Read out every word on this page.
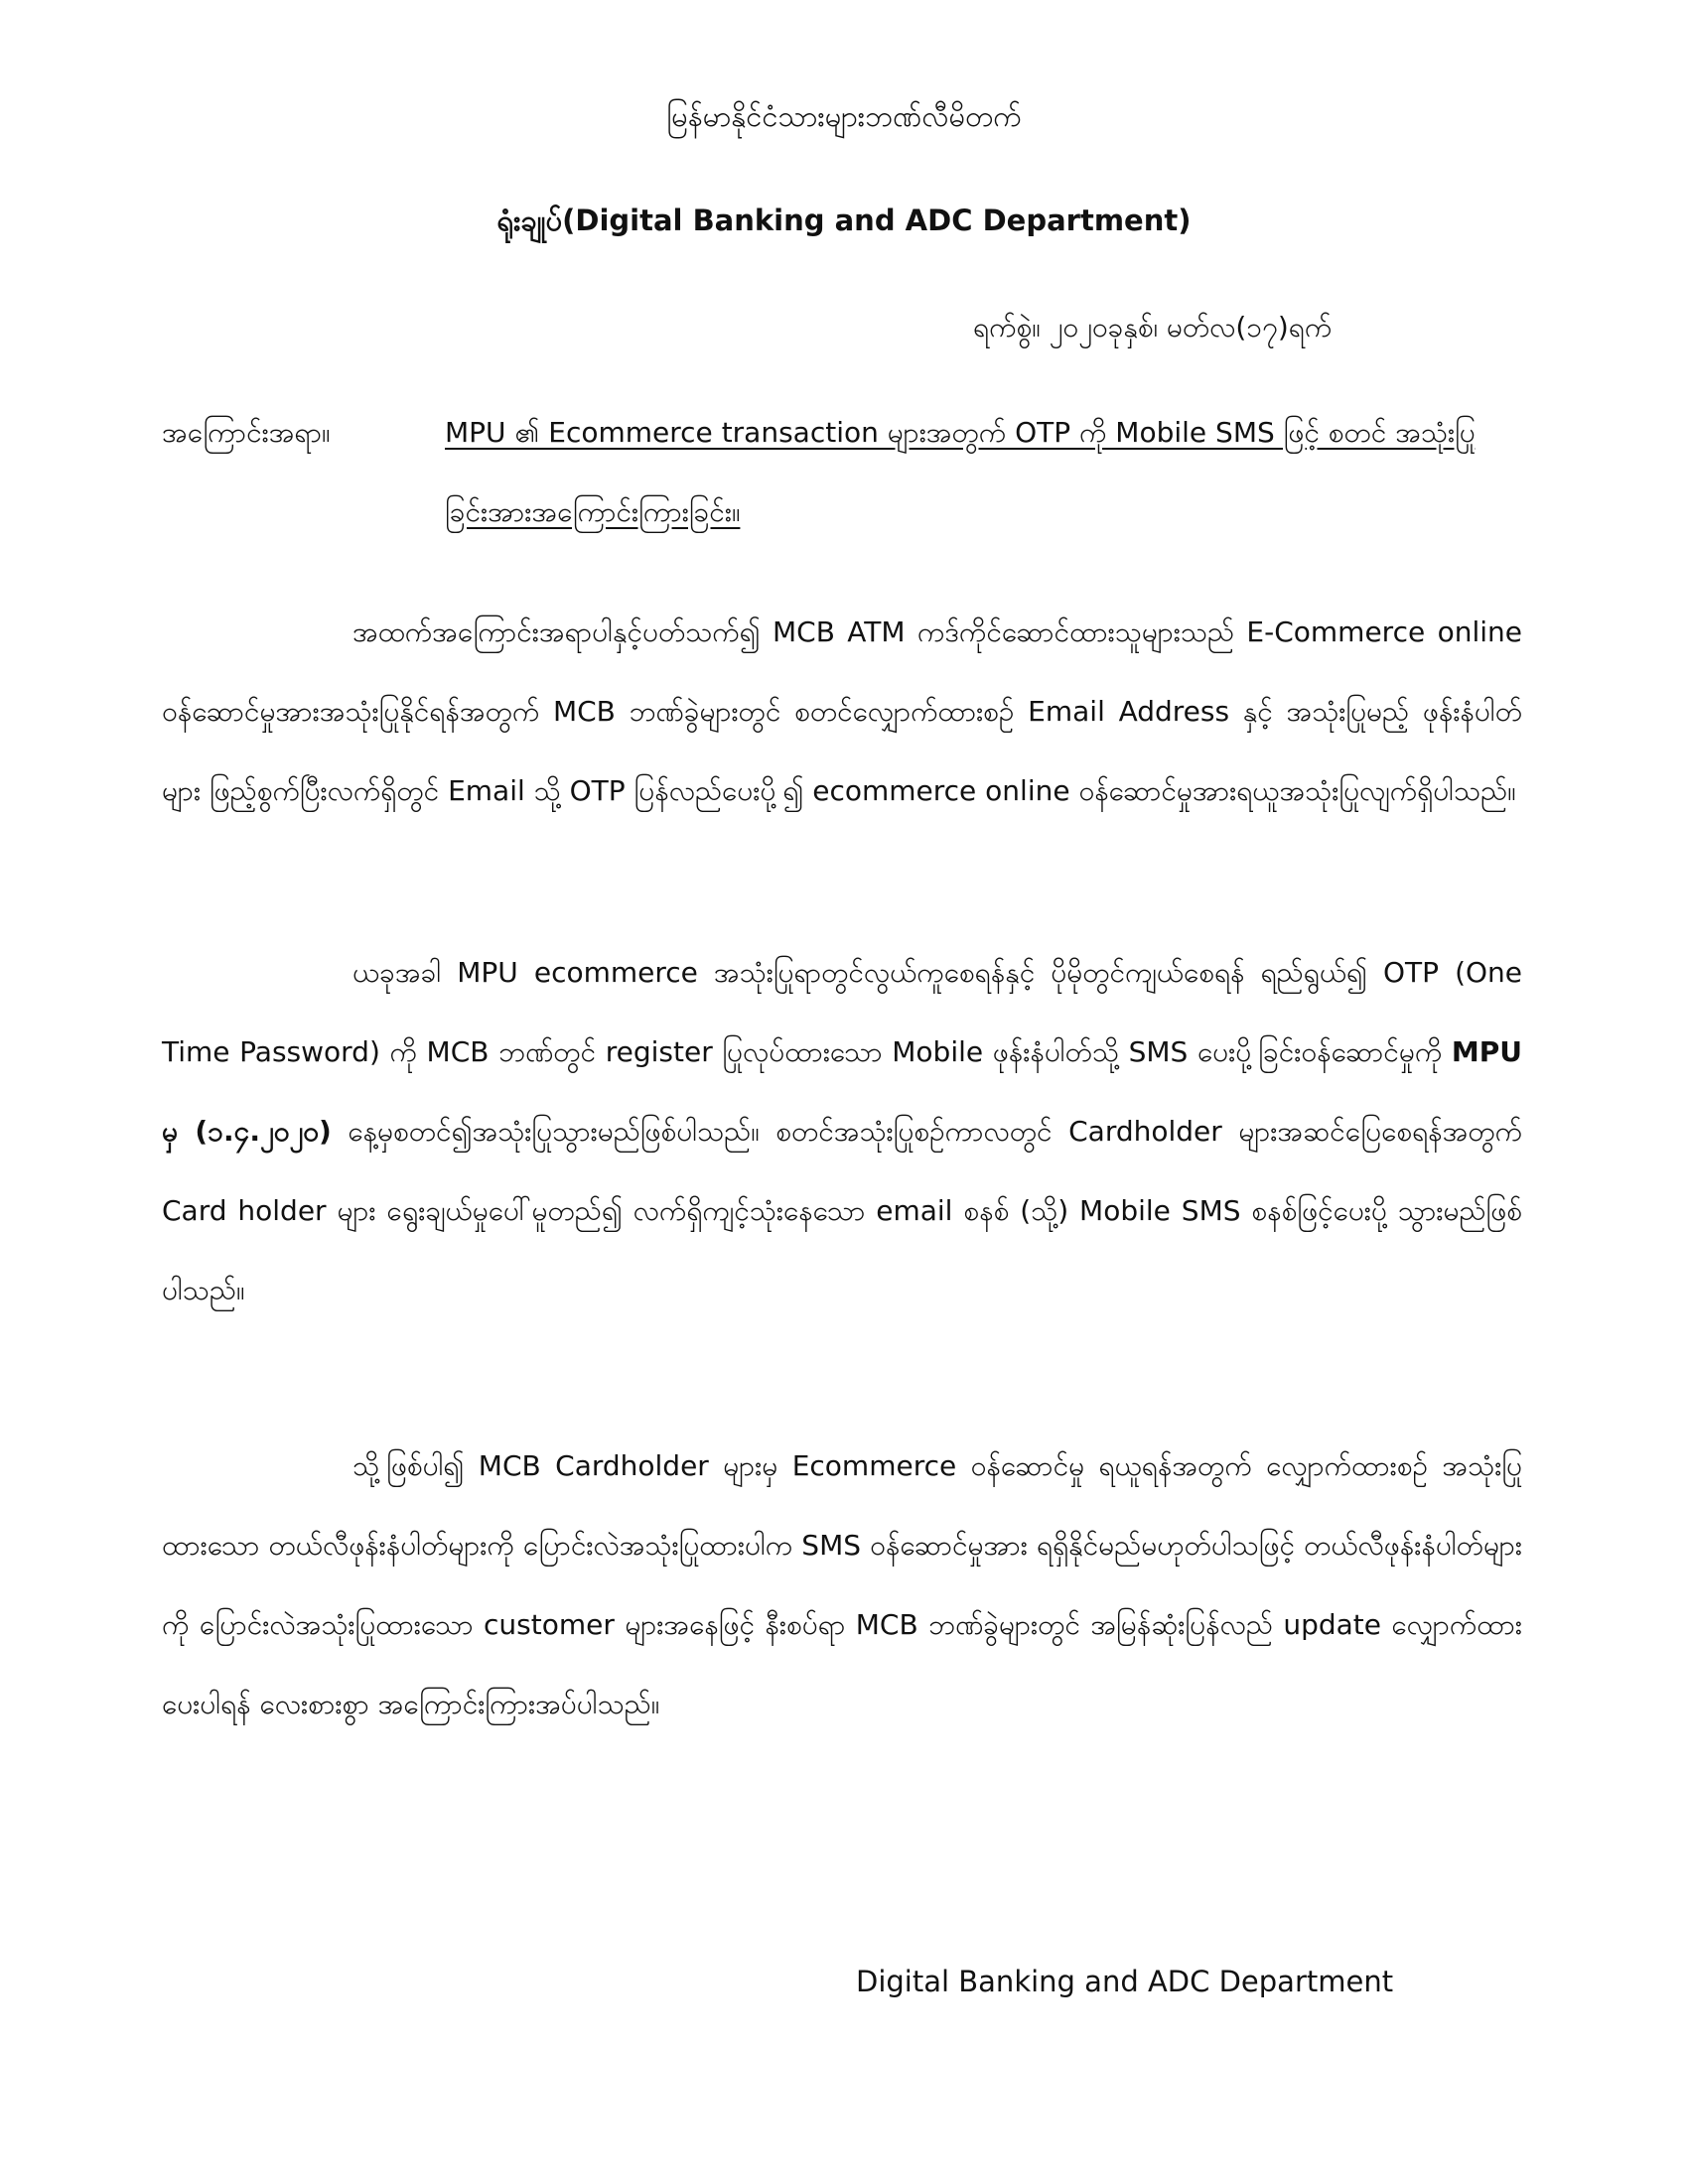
မြန်မာနိုင်ငံသားများဘဏ်လီမိတက်
ရုံးချုပ်(Digital Banking and ADC Department)
ရက်စွဲ။ ၂၀၂၀ခုနှစ်၊ မတ်လ(၁၇)ရက်
အကြောင်းအရာ။	MPU ၏ Ecommerce transaction များအတွက် OTP ကို Mobile SMS ဖြင့် စတင် အသုံးပြုခြင်းအားအကြောင်းကြားခြင်း။

အထက်အကြောင်းအရာပါနှင့်ပတ်သက်၍ MCB ATM ကဒ်ကိုင်ဆောင်ထားသူများသည် E-Commerce online ဝန်ဆောင်မှုအားအသုံးပြုနိုင်ရန်အတွက် MCB ဘဏ်ခွဲများတွင် စတင်လျှောက်ထားစဉ် Email Address နှင့် အသုံးပြုမည့် ဖုန်းနံပါတ်များ ဖြည့်စွက်ပြီးလက်ရှိတွင် Email သို့ OTP ပြန်လည်ပေးပို့၍ ecommerce online ဝန်ဆောင်မှုအားရယူအသုံးပြုလျက်ရှိပါသည်။

ယခုအခါ MPU ecommerce အသုံးပြုရာတွင်လွယ်ကူစေရန်နှင့် ပိုမိုတွင်ကျယ်စေရန် ရည်ရွယ်၍ OTP (One Time Password) ကို MCB ဘဏ်တွင် register ပြုလုပ်ထားသော Mobile ဖုန်းနံပါတ်သို့ SMS ပေးပို့ခြင်းဝန်ဆောင်မှုကို MPU မှ (၁.၄.၂၀၂၀) နေ့မှစတင်၍အသုံးပြုသွားမည်ဖြစ်ပါသည်။ စတင်အသုံးပြုစဉ်ကာလတွင် Cardholder များအဆင်ပြေစေရန်အတွက် Card holder များ ရွေးချယ်မှုပေါ်မူတည်၍ လက်ရှိကျင့်သုံးနေသော email စနစ် (သို့) Mobile SMS စနစ်ဖြင့်ပေးပို့ သွားမည်ဖြစ်ပါသည်။

သို့ဖြစ်ပါ၍ MCB Cardholder များမှ Ecommerce ဝန်ဆောင်မှု ရယူရန်အတွက် လျှောက်ထားစဉ် အသုံးပြုထားသော တယ်လီဖုန်းနံပါတ်များကို ပြောင်းလဲအသုံးပြုထားပါက SMS ဝန်ဆောင်မှုအား ရရှိနိုင်မည်မဟုတ်ပါသဖြင့် တယ်လီဖုန်းနံပါတ်များကို ပြောင်းလဲအသုံးပြုထားသော customer များအနေဖြင့် နီးစပ်ရာ MCB ဘဏ်ခွဲများတွင် အမြန်ဆုံးပြန်လည် update လျှောက်ထားပေးပါရန် လေးစားစွာ အကြောင်းကြားအပ်ပါသည်။

Digital Banking and ADC Department
